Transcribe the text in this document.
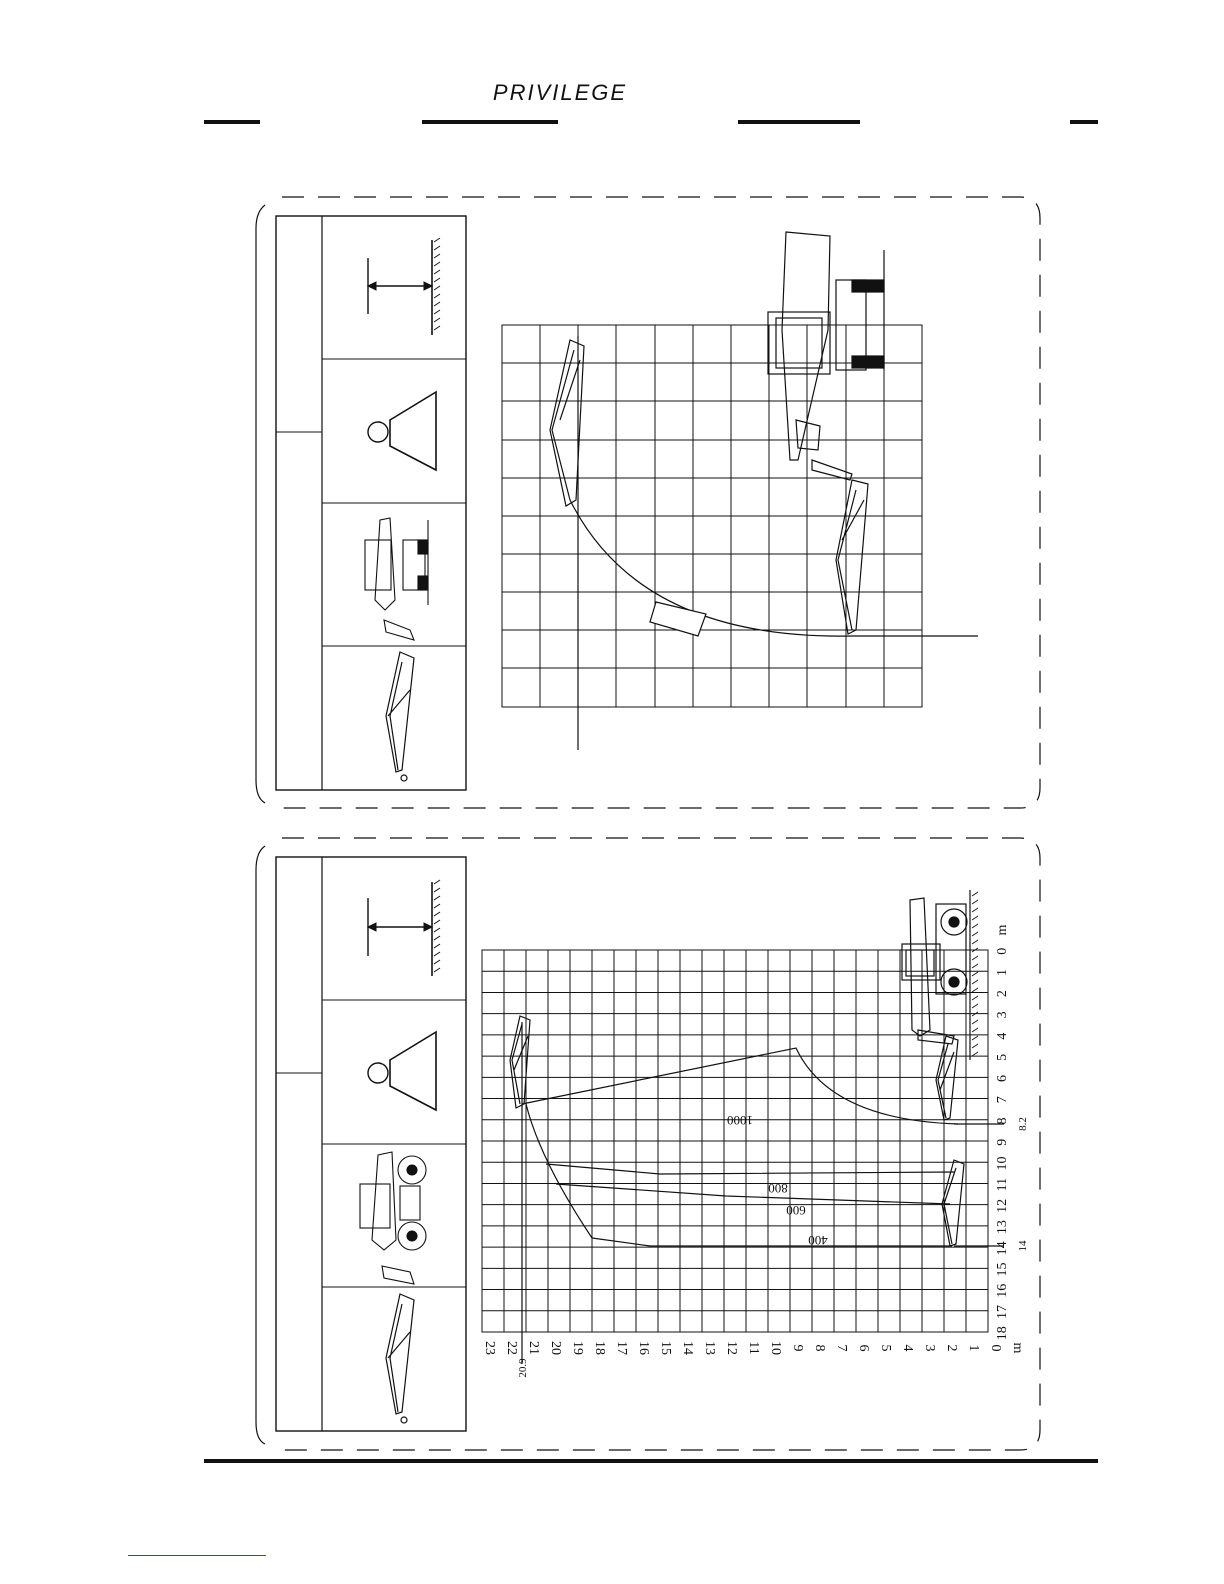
PRIVILEGE
23 22 21 20 19 18 17 16 15 14 13 12 11 10 9 8 7 6 5 4 3 2 1 0 m
20.9
m
0
1
2
3
4
5
6
7
8
9
10
11
12
13
14
15
16
17
18
8.2
14
1000
800
600
400
